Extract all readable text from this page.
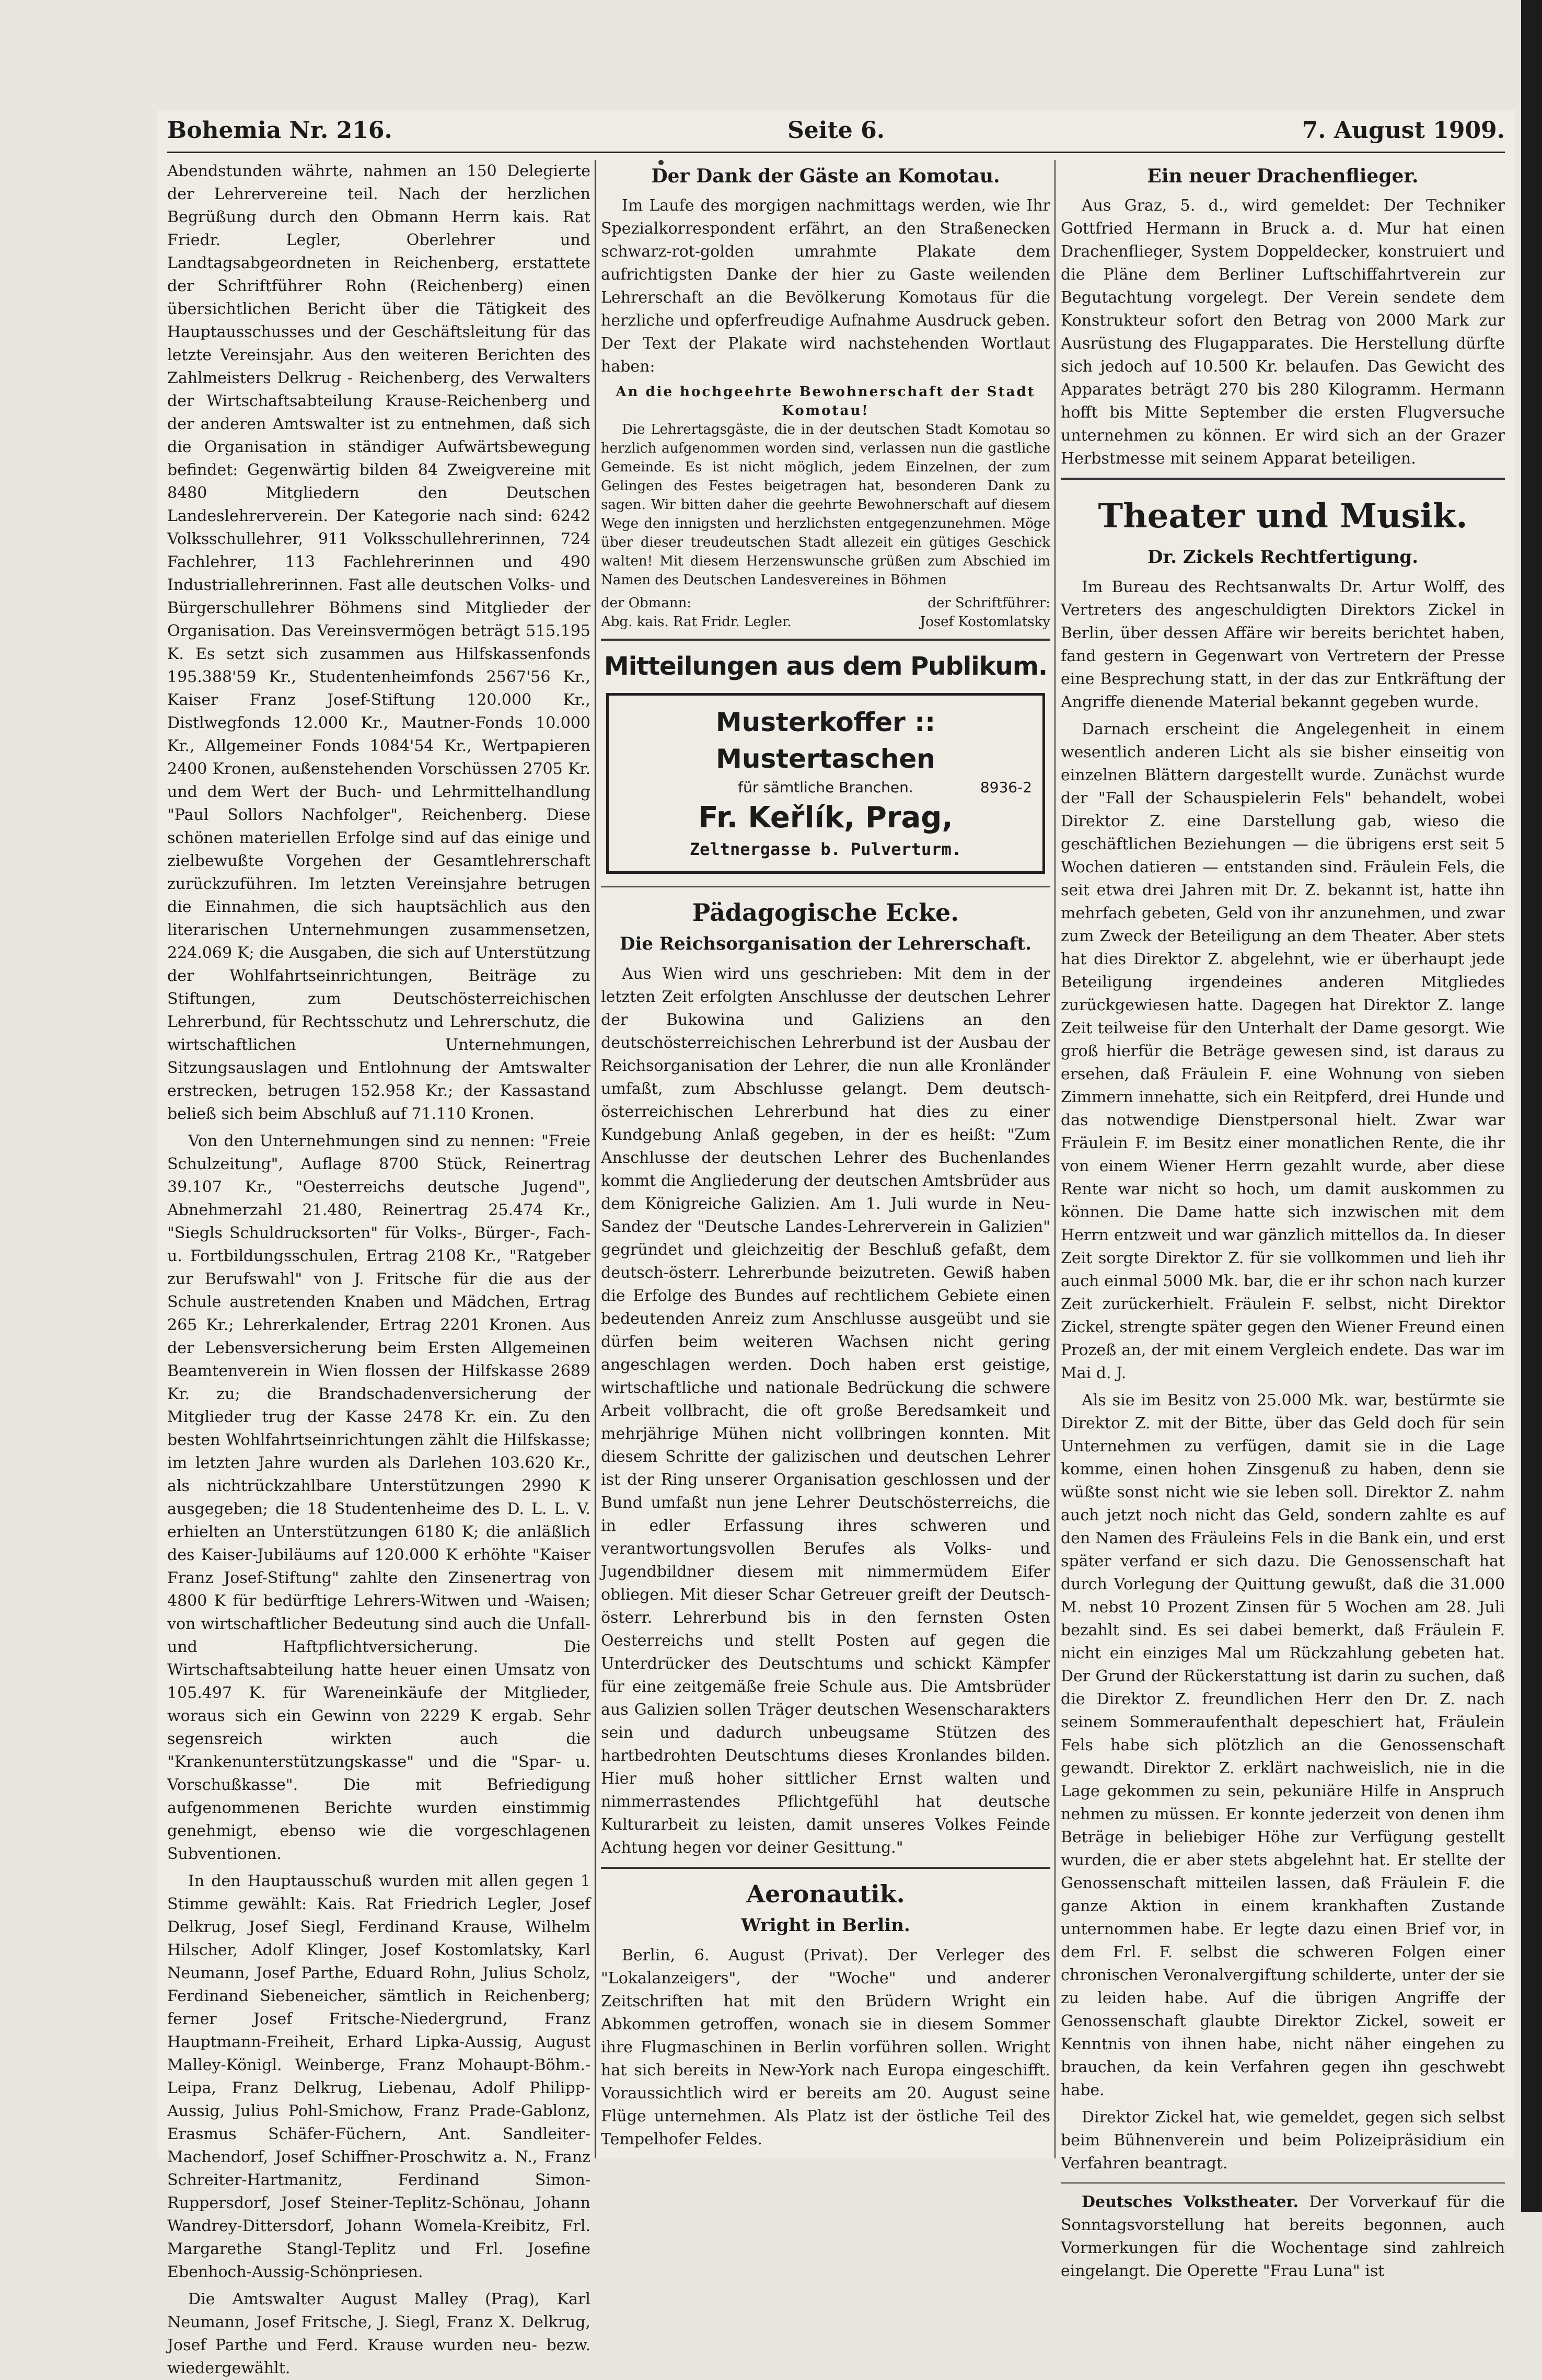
Bohemia Nr. 216.	Seite 6.	7. August 1909.

Abendstunden währte, nahmen an 150 Delegierte der Lehrervereine teil. Nach der herzlichen Begrüßung durch den Obmann Herrn kais. Rat Friedr. Legler, Oberlehrer und Landtagsabgeordneten in Reichenberg, erstattete der Schriftführer Rohn (Reichenberg) einen übersichtlichen Bericht über die Tätigkeit des Hauptausschusses und der Geschäftsleitung für das letzte Vereinsjahr. Aus den weiteren Berichten des Zahlmeisters Delkrug - Reichenberg, des Verwalters der Wirtschaftsabteilung Krause-Reichenberg und der anderen Amtswalter ist zu entnehmen, daß sich die Organisation in ständiger Aufwärtsbewegung befindet: Gegenwärtig bilden 84 Zweigvereine mit 8480 Mitgliedern den Deutschen Landeslehrerverein. Der Kategorie nach sind: 6242 Volksschullehrer, 911 Volksschullehrerinnen, 724 Fachlehrer, 113 Fachlehrerinnen und 490 Industriallehrerinnen. Fast alle deutschen Volks- und Bürgerschullehrer Böhmens sind Mitglieder der Organisation. Das Vereinsvermögen beträgt 515.195 K. Es setzt sich zusammen aus Hilfskassenfonds 195.388'59 Kr., Studentenheimfonds 2567'56 Kr., Kaiser Franz Josef-Stiftung 120.000 Kr., Distlwegfonds 12.000 Kr., Mautner-Fonds 10.000 Kr., Allgemeiner Fonds 1084'54 Kr., Wertpapieren 2400 Kronen, außenstehenden Vorschüssen 2705 Kr. und dem Wert der Buch- und Lehrmittelhandlung "Paul Sollors Nachfolger", Reichenberg. Diese schönen materiellen Erfolge sind auf das einige und zielbewußte Vorgehen der Gesamtlehrerschaft zurückzuführen. Im letzten Vereinsjahre betrugen die Einnahmen, die sich hauptsächlich aus den literarischen Unternehmungen zusammensetzen, 224.069 K; die Ausgaben, die sich auf Unterstützung der Wohlfahrtseinrichtungen, Beiträge zu Stiftungen, zum Deutschösterreichischen Lehrerbund, für Rechtsschutz und Lehrerschutz, die wirtschaftlichen Unternehmungen, Sitzungsauslagen und Entlohnung der Amtswalter erstrecken, betrugen 152.958 Kr.; der Kassastand beließ sich beim Abschluß auf 71.110 Kronen.

Von den Unternehmungen sind zu nennen: "Freie Schulzeitung", Auflage 8700 Stück, Reinertrag 39.107 Kr., "Oesterreichs deutsche Jugend", Abnehmerzahl 21.480, Reinertrag 25.474 Kr., "Siegls Schuldrucksorten" für Volks-, Bürger-, Fach- u. Fortbildungsschulen, Ertrag 2108 Kr., "Ratgeber zur Berufswahl" von J. Fritsche für die aus der Schule austretenden Knaben und Mädchen, Ertrag 265 Kr.; Lehrerkalender, Ertrag 2201 Kronen. Aus der Lebensversicherung beim Ersten Allgemeinen Beamtenverein in Wien flossen der Hilfskasse 2689 Kr. zu; die Brandschadenversicherung der Mitglieder trug der Kasse 2478 Kr. ein. Zu den besten Wohlfahrtseinrichtungen zählt die Hilfskasse; im letzten Jahre wurden als Darlehen 103.620 Kr., als nichtrückzahlbare Unterstützungen 2990 K ausgegeben; die 18 Studentenheime des D. L. L. V. erhielten an Unterstützungen 6180 K; die anläßlich des Kaiser-Jubiläums auf 120.000 K erhöhte "Kaiser Franz Josef-Stiftung" zahlte den Zinsenertrag von 4800 K für bedürftige Lehrers-Witwen und -Waisen; von wirtschaftlicher Bedeutung sind auch die Unfall- und Haftpflichtversicherung. Die Wirtschaftsabteilung hatte heuer einen Umsatz von 105.497 K. für Wareneinkäufe der Mitglieder, woraus sich ein Gewinn von 2229 K ergab. Sehr segensreich wirkten auch die "Krankenunterstützungskasse" und die "Spar- u. Vorschußkasse". Die mit Befriedigung aufgenommenen Berichte wurden einstimmig genehmigt, ebenso wie die vorgeschlagenen Subventionen.

In den Hauptausschuß wurden mit allen gegen 1 Stimme gewählt: Kais. Rat Friedrich Legler, Josef Delkrug, Josef Siegl, Ferdinand Krause, Wilhelm Hilscher, Adolf Klinger, Josef Kostomlatsky, Karl Neumann, Josef Parthe, Eduard Rohn, Julius Scholz, Ferdinand Siebeneicher, sämtlich in Reichenberg; ferner Josef Fritsche-Niedergrund, Franz Hauptmann-Freiheit, Erhard Lipka-Aussig, August Malley-Königl. Weinberge, Franz Mohaupt-Böhm.-Leipa, Franz Delkrug, Liebenau, Adolf Philipp-Aussig, Julius Pohl-Smichow, Franz Prade-Gablonz, Erasmus Schäfer-Füchern, Ant. Sandleiter-Machendorf, Josef Schiffner-Proschwitz a. N., Franz Schreiter-Hartmanitz, Ferdinand Simon-Ruppersdorf, Josef Steiner-Teplitz-Schönau, Johann Wandrey-Dittersdorf, Johann Womela-Kreibitz, Frl. Margarethe Stangl-Teplitz und Frl. Josefine Ebenhoch-Aussig-Schönpriesen.

Die Amtswalter August Malley (Prag), Karl Neumann, Josef Fritsche, J. Siegl, Franz X. Delkrug, Josef Parthe und Ferd. Krause wurden neu- bezw. wiedergewählt.

Der Dank der Gäste an Komotau.

Im Laufe des morgigen nachmittags werden, wie Ihr Spezialkorrespondent erfährt, an den Straßenecken schwarz-rot-golden umrahmte Plakate dem aufrichtigsten Danke der hier zu Gaste weilenden Lehrerschaft an die Bevölkerung Komotaus für die herzliche und opferfreudige Aufnahme Ausdruck geben. Der Text der Plakate wird nachstehenden Wortlaut haben:

An die hochgeehrte Bewohnerschaft der Stadt Komotau!

Die Lehrertagsgäste, die in der deutschen Stadt Komotau so herzlich aufgenommen worden sind, verlassen nun die gastliche Gemeinde. Es ist nicht möglich, jedem Einzelnen, der zum Gelingen des Festes beigetragen hat, besonderen Dank zu sagen. Wir bitten daher die geehrte Bewohnerschaft auf diesem Wege den innigsten und herzlichsten entgegenzunehmen. Möge über dieser treudeutschen Stadt allezeit ein gütiges Geschick walten! Mit diesem Herzenswunsche grüßen zum Abschied im Namen des Deutschen Landesvereines in Böhmen

der Obmann:	der Schriftführer:
Abg. kais. Rat Fridr. Legler.	Josef Kostomlatsky
Mitteilungen aus dem Publikum.
Musterkoffer :: Mustertaschen
für sämtliche Branchen.	8936-2
Fr. Keřlík, Prag,
Zeltnergasse b. Pulverturm.
Pädagogische Ecke.
Die Reichsorganisation der Lehrerschaft.

Aus Wien wird uns geschrieben: Mit dem in der letzten Zeit erfolgten Anschlusse der deutschen Lehrer der Bukowina und Galiziens an den deutschösterreichischen Lehrerbund ist der Ausbau der Reichsorganisation der Lehrer, die nun alle Kronländer umfaßt, zum Abschlusse gelangt. Dem deutsch-österreichischen Lehrerbund hat dies zu einer Kundgebung Anlaß gegeben, in der es heißt: "Zum Anschlusse der deutschen Lehrer des Buchenlandes kommt die Angliederung der deutschen Amtsbrüder aus dem Königreiche Galizien. Am 1. Juli wurde in Neu-Sandez der "Deutsche Landes-Lehrerverein in Galizien" gegründet und gleichzeitig der Beschluß gefaßt, dem deutsch-österr. Lehrerbunde beizutreten. Gewiß haben die Erfolge des Bundes auf rechtlichem Gebiete einen bedeutenden Anreiz zum Anschlusse ausgeübt und sie dürfen beim weiteren Wachsen nicht gering angeschlagen werden. Doch haben erst geistige, wirtschaftliche und nationale Bedrückung die schwere Arbeit vollbracht, die oft große Beredsamkeit und mehrjährige Mühen nicht vollbringen konnten. Mit diesem Schritte der galizischen und deutschen Lehrer ist der Ring unserer Organisation geschlossen und der Bund umfaßt nun jene Lehrer Deutschösterreichs, die in edler Erfassung ihres schweren und verantwortungsvollen Berufes als Volks- und Jugendbildner diesem mit nimmermüdem Eifer obliegen. Mit dieser Schar Getreuer greift der Deutsch-österr. Lehrerbund bis in den fernsten Osten Oesterreichs und stellt Posten auf gegen die Unterdrücker des Deutschtums und schickt Kämpfer für eine zeitgemäße freie Schule aus. Die Amtsbrüder aus Galizien sollen Träger deutschen Wesenscharakters sein und dadurch unbeugsame Stützen des hartbedrohten Deutschtums dieses Kronlandes bilden. Hier muß hoher sittlicher Ernst walten und nimmerrastendes Pflichtgefühl hat deutsche Kulturarbeit zu leisten, damit unseres Volkes Feinde Achtung hegen vor deiner Gesittung."

Aeronautik.
Wright in Berlin.

Berlin, 6. August (Privat). Der Verleger des "Lokalanzeigers", der "Woche" und anderer Zeitschriften hat mit den Brüdern Wright ein Abkommen getroffen, wonach sie in diesem Sommer ihre Flugmaschinen in Berlin vorführen sollen. Wright hat sich bereits in New-York nach Europa eingeschifft. Voraussichtlich wird er bereits am 20. August seine Flüge unternehmen. Als Platz ist der östliche Teil des Tempelhofer Feldes.

Ein neuer Drachenflieger.

Aus Graz, 5. d., wird gemeldet: Der Techniker Gottfried Hermann in Bruck a. d. Mur hat einen Drachenflieger, System Doppeldecker, konstruiert und die Pläne dem Berliner Luftschiffahrtverein zur Begutachtung vorgelegt. Der Verein sendete dem Konstrukteur sofort den Betrag von 2000 Mark zur Ausrüstung des Flugapparates. Die Herstellung dürfte sich jedoch auf 10.500 Kr. belaufen. Das Gewicht des Apparates beträgt 270 bis 280 Kilogramm. Hermann hofft bis Mitte September die ersten Flugversuche unternehmen zu können. Er wird sich an der Grazer Herbstmesse mit seinem Apparat beteiligen.

Theater und Musik.
Dr. Zickels Rechtfertigung.

Im Bureau des Rechtsanwalts Dr. Artur Wolff, des Vertreters des angeschuldigten Direktors Zickel in Berlin, über dessen Affäre wir bereits berichtet haben, fand gestern in Gegenwart von Vertretern der Presse eine Besprechung statt, in der das zur Entkräftung der Angriffe dienende Material bekannt gegeben wurde.

Darnach erscheint die Angelegenheit in einem wesentlich anderen Licht als sie bisher einseitig von einzelnen Blättern dargestellt wurde. Zunächst wurde der "Fall der Schauspielerin Fels" behandelt, wobei Direktor Z. eine Darstellung gab, wieso die geschäftlichen Beziehungen — die übrigens erst seit 5 Wochen datieren — entstanden sind. Fräulein Fels, die seit etwa drei Jahren mit Dr. Z. bekannt ist, hatte ihn mehrfach gebeten, Geld von ihr anzunehmen, und zwar zum Zweck der Beteiligung an dem Theater. Aber stets hat dies Direktor Z. abgelehnt, wie er überhaupt jede Beteiligung irgendeines anderen Mitgliedes zurückgewiesen hatte. Dagegen hat Direktor Z. lange Zeit teilweise für den Unterhalt der Dame gesorgt. Wie groß hierfür die Beträge gewesen sind, ist daraus zu ersehen, daß Fräulein F. eine Wohnung von sieben Zimmern innehatte, sich ein Reitpferd, drei Hunde und das notwendige Dienstpersonal hielt. Zwar war Fräulein F. im Besitz einer monatlichen Rente, die ihr von einem Wiener Herrn gezahlt wurde, aber diese Rente war nicht so hoch, um damit auskommen zu können. Die Dame hatte sich inzwischen mit dem Herrn entzweit und war gänzlich mittellos da. In dieser Zeit sorgte Direktor Z. für sie vollkommen und lieh ihr auch einmal 5000 Mk. bar, die er ihr schon nach kurzer Zeit zurückerhielt. Fräulein F. selbst, nicht Direktor Zickel, strengte später gegen den Wiener Freund einen Prozeß an, der mit einem Vergleich endete. Das war im Mai d. J.

Als sie im Besitz von 25.000 Mk. war, bestürmte sie Direktor Z. mit der Bitte, über das Geld doch für sein Unternehmen zu verfügen, damit sie in die Lage komme, einen hohen Zinsgenuß zu haben, denn sie wüßte sonst nicht wie sie leben soll. Direktor Z. nahm auch jetzt noch nicht das Geld, sondern zahlte es auf den Namen des Fräuleins Fels in die Bank ein, und erst später verfand er sich dazu. Die Genossenschaft hat durch Vorlegung der Quittung gewußt, daß die 31.000 M. nebst 10 Prozent Zinsen für 5 Wochen am 28. Juli bezahlt sind. Es sei dabei bemerkt, daß Fräulein F. nicht ein einziges Mal um Rückzahlung gebeten hat. Der Grund der Rückerstattung ist darin zu suchen, daß die Direktor Z. freundlichen Herr den Dr. Z. nach seinem Sommeraufenthalt depeschiert hat, Fräulein Fels habe sich plötzlich an die Genossenschaft gewandt. Direktor Z. erklärt nachweislich, nie in die Lage gekommen zu sein, pekuniäre Hilfe in Anspruch nehmen zu müssen. Er konnte jederzeit von denen ihm Beträge in beliebiger Höhe zur Verfügung gestellt wurden, die er aber stets abgelehnt hat. Er stellte der Genossenschaft mitteilen lassen, daß Fräulein F. die ganze Aktion in einem krankhaften Zustande unternommen habe. Er legte dazu einen Brief vor, in dem Frl. F. selbst die schweren Folgen einer chronischen Veronalvergiftung schilderte, unter der sie zu leiden habe. Auf die übrigen Angriffe der Genossenschaft glaubte Direktor Zickel, soweit er Kenntnis von ihnen habe, nicht näher eingehen zu brauchen, da kein Verfahren gegen ihn geschwebt habe.

Direktor Zickel hat, wie gemeldet, gegen sich selbst beim Bühnenverein und beim Polizeipräsidium ein Verfahren beantragt.

Deutsches Volkstheater. Der Vorverkauf für die Sonntagsvorstellung hat bereits begonnen, auch Vormerkungen für die Wochentage sind zahlreich eingelangt. Die Operette "Frau Luna" ist
